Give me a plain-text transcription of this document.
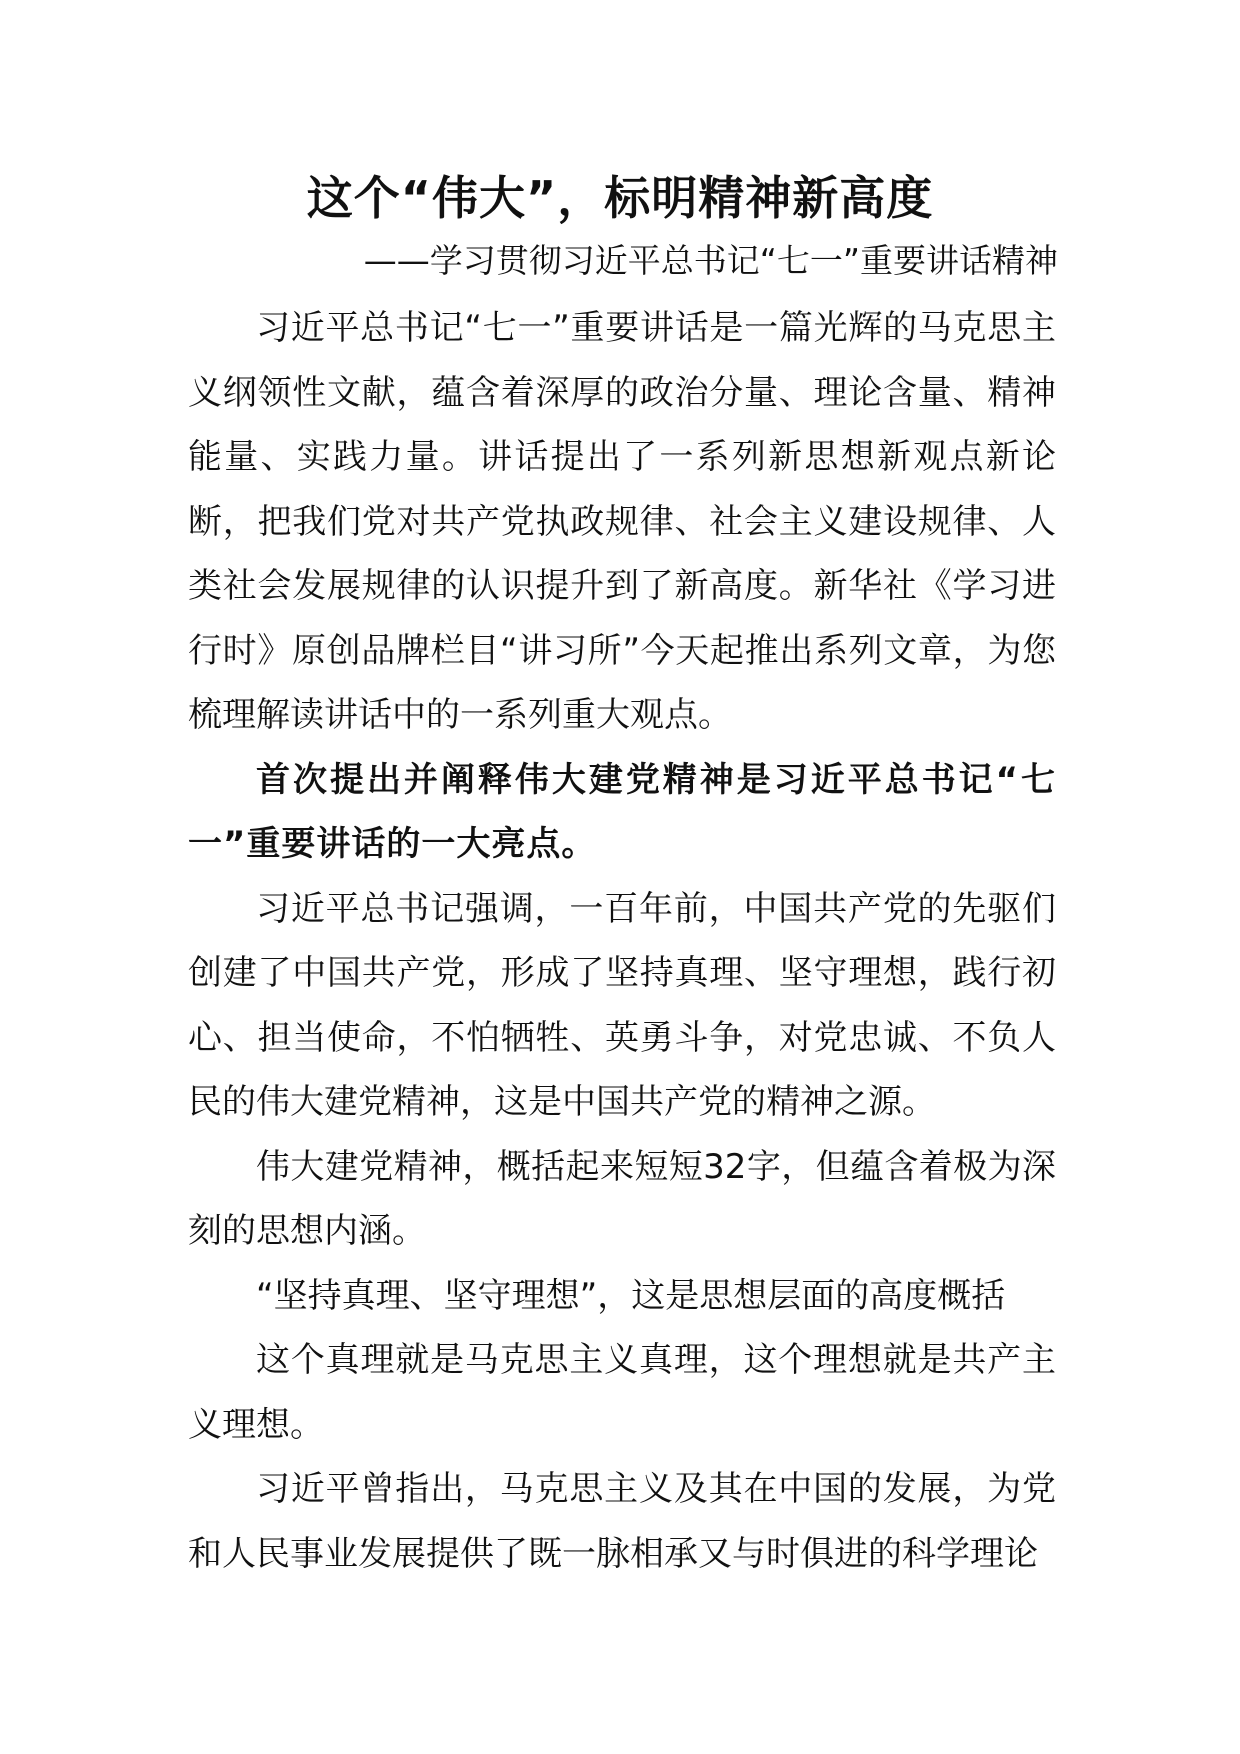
这个“伟大”，标明精神新高度
——学习贯彻习近平总书记“七一”重要讲话精神

习近平总书记“七一”重要讲话是一篇光辉的马克思主义纲领性文献，蕴含着深厚的政治分量、理论含量、精神能量、实践力量。讲话提出了一系列新思想新观点新论断，把我们党对共产党执政规律、社会主义建设规律、人类社会发展规律的认识提升到了新高度。新华社《学习进行时》原创品牌栏目“讲习所”今天起推出系列文章，为您梳理解读讲话中的一系列重大观点。

首次提出并阐释伟大建党精神是习近平总书记“七一”重要讲话的一大亮点。

习近平总书记强调，一百年前，中国共产党的先驱们创建了中国共产党，形成了坚持真理、坚守理想，践行初心、担当使命，不怕牺牲、英勇斗争，对党忠诚、不负人民的伟大建党精神，这是中国共产党的精神之源。

伟大建党精神，概括起来短短32字，但蕴含着极为深刻的思想内涵。

“坚持真理、坚守理想”，这是思想层面的高度概括

这个真理就是马克思主义真理，这个理想就是共产主义理想。

习近平曾指出，马克思主义及其在中国的发展，为党和人民事业发展提供了既一脉相承又与时俱进的科学理论
